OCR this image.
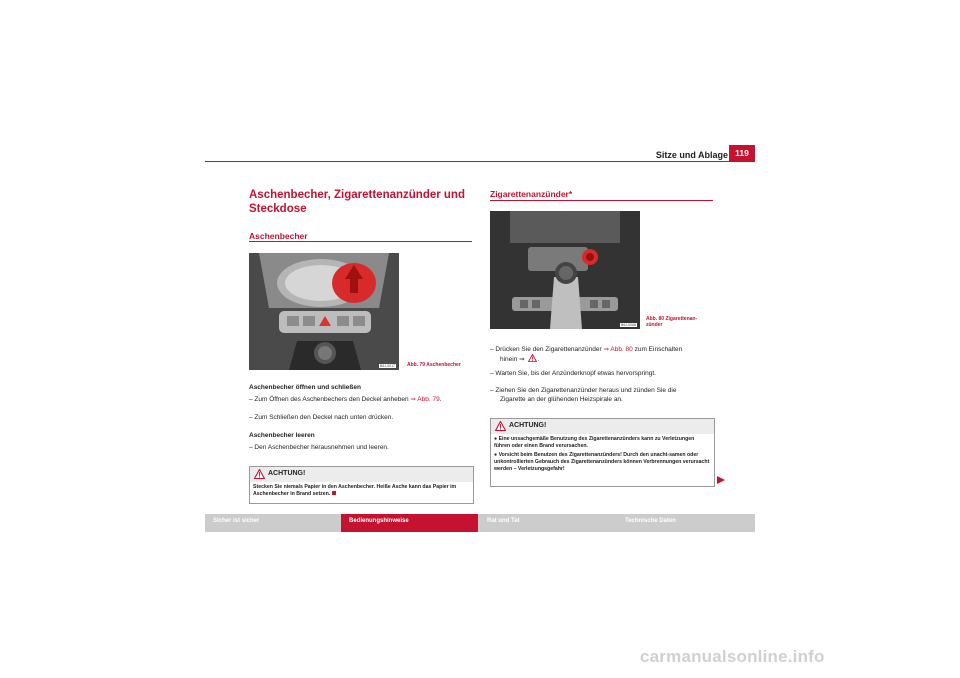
Sitze und Ablage 119
Aschenbecher, Zigarettenanzünder und Steckdose
Aschenbecher
B6J-0017 Abb. 79 Aschenbecher
Aschenbecher öffnen und schließen
– Zum Öffnen des Aschenbechers den Deckel anheben ⇒ Abb. 79.
– Zum Schließen den Deckel nach unten drücken.
Aschenbecher leeren
– Den Aschenbecher herausnehmen und leeren.
ACHTUNG!
Stecken Sie niemals Papier in den Aschenbecher. Heiße Asche kann das Papier im Aschenbecher in Brand setzen.
Zigarettenanzünder*
B6J-0068
Abb. 80 Zigarettenan-
zünder
– Drücken Sie den Zigarettenanzünder ⇒ Abb. 80 zum Einschalten
hinein ⇒ .
– Warten Sie, bis der Anzünderknopf etwas hervorspringt.
– Ziehen Sie den Zigarettenanzünder heraus und zünden Sie die
Zigarette an der glühenden Heizspirale an.
ACHTUNG!
● Eine unsachgemäße Benutzung des Zigarettenanzünders kann zu Verletzungen führen oder einen Brand verursachen.
● Vorsicht beim Benutzen des Zigarettenanzünders! Durch den unacht-samen oder unkontrollierten Gebrauch des Zigarettenanzünders können Verbrennungen verursacht werden – Verletzungsgefahr!
Sicher ist sicher	Bedienungshinweise	Rat und Tat	Technische Daten
carmanualsonline.info
